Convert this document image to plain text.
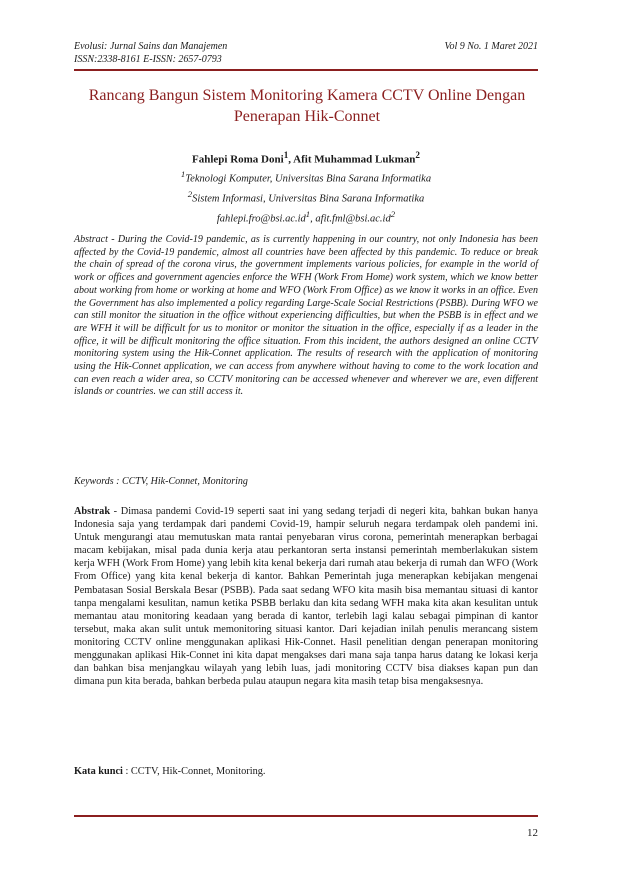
Evolusi: Jurnal Sains dan Manajemen	Vol 9 No. 1 Maret 2021
ISSN:2338-8161 E-ISSN: 2657-0793
Rancang Bangun Sistem Monitoring Kamera CCTV Online Dengan Penerapan Hik-Connet
Fahlepi Roma Doni$^1$, Afit Muhammad Lukman$^2$
$^1$Teknologi Komputer, Universitas Bina Sarana Informatika
$^2$Sistem Informasi, Universitas Bina Sarana Informatika
$fahlepi.fro@bsi.ac.id^1$, $afit.fml@bsi.ac.id^2$
Abstract - During the Covid-19 pandemic, as is currently happening in our country, not only Indonesia has been affected by the Covid-19 pandemic, almost all countries have been affected by this pandemic. To reduce or break the chain of spread of the corona virus, the government implements various policies, for example in the world of work or offices and government agencies enforce the WFH (Work From Home) work system, which we know better about working from home or working at home and WFO (Work From Office) as we know it works in an office. Even the Government has also implemented a policy regarding Large-Scale Social Restrictions (PSBB). During WFO we can still monitor the situation in the office without experiencing difficulties, but when the PSBB is in effect and we are WFH it will be difficult for us to monitor or monitor the situation in the office, especially if as a leader in the office, it will be difficult monitoring the office situation. From this incident, the authors designed an online CCTV monitoring system using the Hik-Connet application. The results of research with the application of monitoring using the Hik-Connet application, we can access from anywhere without having to come to the work location and can even reach a wider area, so CCTV monitoring can be accessed whenever and wherever we are, even different islands or countries. we can still access it.
Keywords : CCTV, Hik-Connet, Monitoring
Abstrak - Dimasa pandemi Covid-19 seperti saat ini yang sedang terjadi di negeri kita, bahkan bukan hanya Indonesia saja yang terdampak dari pandemi Covid-19, hampir seluruh negara terdampak oleh pandemi ini. Untuk mengurangi atau memutuskan mata rantai penyebaran virus corona, pemerintah menerapkan berbagai macam kebijakan, misal pada dunia kerja atau perkantoran serta instansi pemerintah memberlakukan sistem kerja WFH (Work From Home) yang lebih kita kenal bekerja dari rumah atau bekerja di rumah dan WFO (Work From Office) yang kita kenal bekerja di kantor. Bahkan Pemerintah juga menerapkan kebijakan mengenai Pembatasan Sosial Berskala Besar (PSBB). Pada saat sedang WFO kita masih bisa memantau situasi di kantor tanpa mengalami kesulitan, namun ketika PSBB berlaku dan kita sedang WFH maka kita akan kesulitan untuk memantau atau monitoring keadaan yang berada di kantor, terlebih lagi kalau sebagai pimpinan di kantor tersebut, maka akan sulit untuk memonitoring situasi kantor. Dari kejadian inilah penulis merancang sistem monitoring CCTV online menggunakan aplikasi Hik-Connet. Hasil penelitian dengan penerapan monitoring menggunakan aplikasi Hik-Connet ini kita dapat mengakses dari mana saja tanpa harus datang ke lokasi kerja dan bahkan bisa menjangkau wilayah yang lebih luas, jadi monitoring CCTV bisa diakses kapan pun dan dimana pun kita berada, bahkan berbeda pulau ataupun negara kita masih tetap bisa mengaksesnya.
Kata kunci : CCTV, Hik-Connet, Monitoring.
12
